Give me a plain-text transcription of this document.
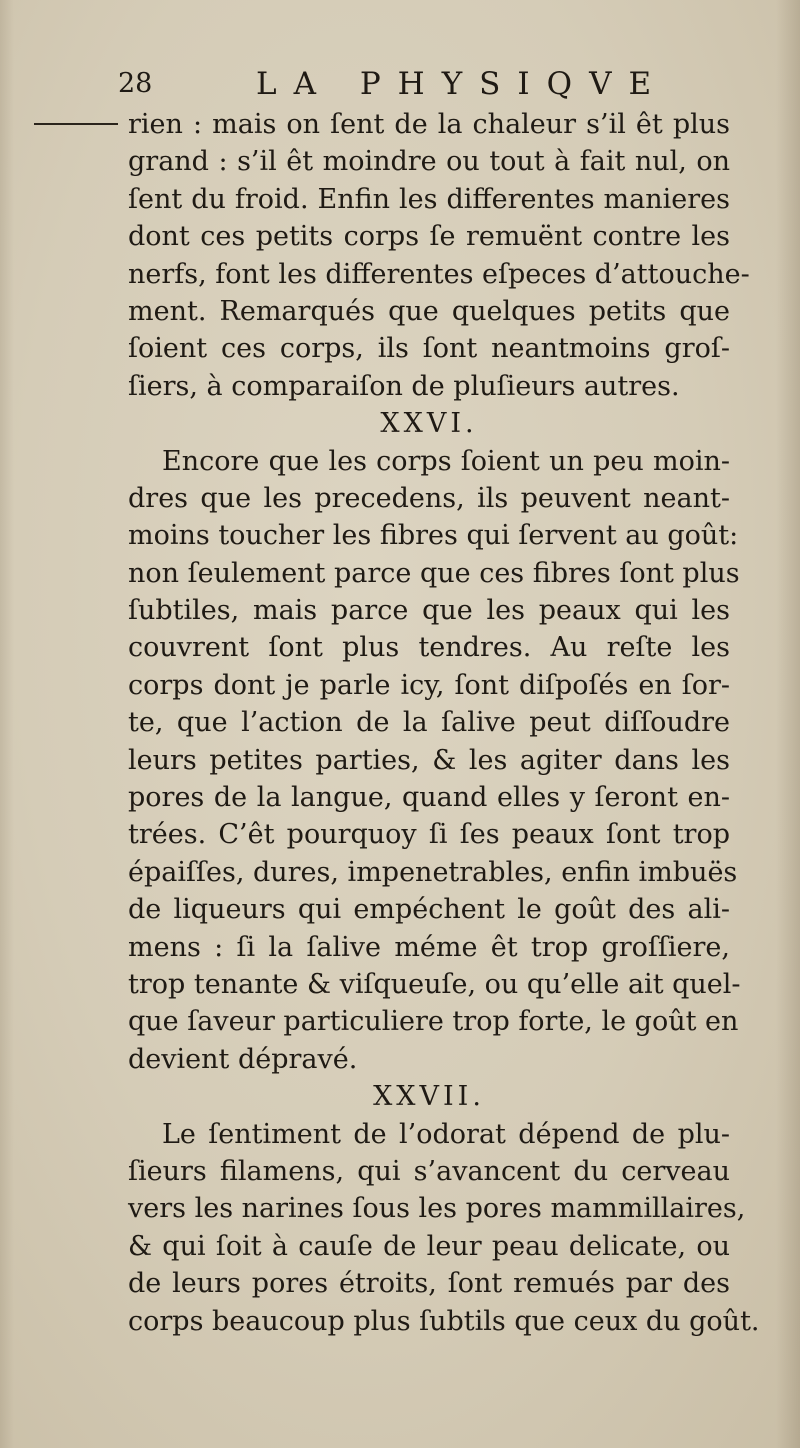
28	LA PHYSIQVE
rien : mais on ſent de la chaleur s’il êt plus
grand : s’il êt moindre ou tout à fait nul, on
ſent du froid. Enfin les differentes manieres
dont ces petits corps ſe remuënt contre les
nerfs, font les differentes eſpeces d’attouche-
ment. Remarqués que quelques petits que
ſoient ces corps, ils ſont neantmoins groſ-
ſiers, à comparaiſon de pluſieurs autres.
XXVI.
Encore que les corps ſoient un peu moin-
dres que les precedens, ils peuvent neant-
moins toucher les fibres qui ſervent au goût:
non ſeulement parce que ces fibres ſont plus
ſubtiles, mais parce que les peaux qui les
couvrent ſont plus tendres. Au reſte les
corps dont je parle icy, ſont diſpoſés en ſor-
te, que l’action de la ſalive peut diſſoudre
leurs petites parties, & les agiter dans les
pores de la langue, quand elles y ſeront en-
trées. C’êt pourquoy ſi ſes peaux ſont trop
épaiſſes, dures, impenetrables, enfin imbuës
de liqueurs qui empéchent le goût des ali-
mens : ſi la ſalive méme êt trop groſſiere,
trop tenante & viſqueuſe, ou qu’elle ait quel-
que ſaveur particuliere trop forte, le goût en
devient dépravé.
XXVII.
Le ſentiment de l’odorat dépend de plu-
ſieurs filamens, qui s’avancent du cerveau
vers les narines ſous les pores mammillaires,
& qui ſoit à cauſe de leur peau delicate, ou
de leurs pores étroits, ſont remués par des
corps beaucoup plus ſubtils que ceux du goût.
